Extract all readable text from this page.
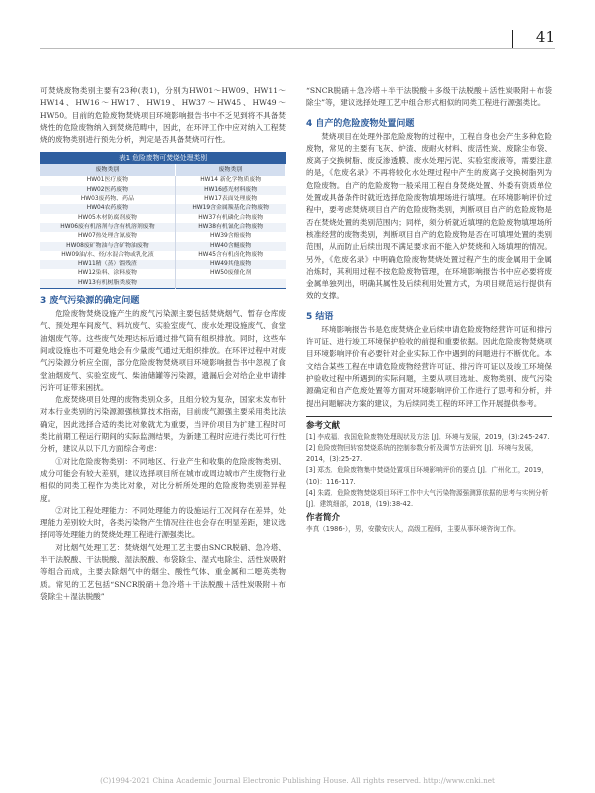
41

可焚烧废物类别主要有23种(表1)，分别为HW01～HW09、HW11～HW14、HW16～HW17、HW19、HW37～HW45、HW49～HW50。目前的危险废物焚烧项目环境影响报告书中不乏见到将不具备焚烧性的危险废物纳入到焚烧范畴中，因此，在环评工作中应对纳入工程焚烧的废物类别进行预先分析，判定是否具备焚烧可行性。

表1 危险废物可焚烧处理类别
废物类别	废物类别
HW01医疗废物	HW14 新化学物质废物
HW02医药废物	HW16感光材料废物
HW03废药物、药品	HW17表面处理废物
HW04农药废物	HW19含金属羰基化合物废物
HW05木材防腐剂废物	HW37有机磷化合物废物
HW06废有机溶剂与含有机溶剂废物	HW38有机氰化合物废物
HW07热处理含氰废物	HW39含酚废物
HW08废矿物油与含矿物油废物	HW40含醚废物
HW09油/水、烃/水混合物或乳化液	HW45含有机卤化物废物
HW11精（蒸）馏残渣	HW49其他废物
HW12染料、涂料废物	HW50废催化剂
HW13有机树脂类废物	
3 废气污染源的确定问题

危险废物焚烧设施产生的废气污染源主要包括焚烧烟气、暂存仓库废气、预处理车间废气、料坑废气、实验室废气、废水处理设施废气、食堂油烟废气等。这些废气处理达标后通过排气筒有组织排放。同时，这些车间或设施也不可避免地会有少量废气通过无组织排放。在环评过程中对废气污染源分析应全面，部分危险废物焚烧项目环境影响报告书中忽视了食堂油烟废气、实验室废气、柴油储罐等污染源，遗漏后会对给企业申请排污许可证带来困扰。

危废焚烧项目处理的废物类别众多，且组分较为复杂，国家未发布针对本行业类别的污染源源强核算技术指南，目前废气源强主要采用类比法确定，因此选择合适的类比对象就尤为重要，当评价项目为扩建工程时可类比前期工程运行期间的实际监测结果，为新建工程时应进行类比可行性分析，建议从以下几方面综合考虑：

①对比危险废物类别：不同地区、行业产生和收集的危险废物类别、成分可能会有较大差别，建议选择项目所在城市或周边城市产生废物行业相似的同类工程作为类比对象，对比分析所处理的危险废物类别差异程度。

②对比工程处理能力：不同处理能力的设施运行工况间存在差异，处理能力差别较大时，各类污染物产生情况往往也会存在明显差距，建议选择同等处理能力的焚烧处理工程进行源强类比。

对比烟气处理工艺：焚烧烟气处理工艺主要由SNCR脱硝、急冷塔、半干法脱酸、干法脱酸、湿法脱酸、布袋除尘、湿式电除尘、活性炭吸附等组合而成，主要去除烟气中的烟尘、酸性气体、重金属和二噁英类物质。常见的工艺包括“SNCR脱硝＋急冷塔＋干法脱酸＋活性炭吸附＋布袋除尘＋湿法脱酸”

“SNCR脱硝＋急冷塔＋半干法脱酸＋多级干法脱酸＋活性炭吸附＋布袋除尘”等，建议选择处理工艺中组合形式相似的同类工程进行源强类比。

4 自产的危险废物处置问题

焚烧项目在处理外部危险废物的过程中，工程自身也会产生多种危险废物，常见的主要有飞灰、炉渣、废耐火材料、废活性炭、废除尘布袋、废离子交换树脂、废反渗透膜、废水处理污泥、实验室废液等，需要注意的是，《危废名录》不再将较化水处理过程中产生的废离子交换树脂列为危险废物。自产的危险废物一般采用工程自身焚烧处置、外委有资质单位处置或具备条件时就近选择危险废物填埋场进行填埋。在环境影响评价过程中，要考虑焚烧项目自产的危险废物类别，判断项目自产的危险废物是否在焚烧处置的类别范围内；同样，须分析就近填埋的危险废物填埋场所核准经营的废物类别，判断项目自产的危险废物是否在可填埋处置的类别范围，从而防止后续出现不满足要求而不能入炉焚烧和入场填埋的情况。另外，《危废名录》中明确危险废物焚烧处置过程产生的废金属用于金属冶炼时，其利用过程不按危险废物管理，在环境影响报告书中应必要将废金属单独列出，明确其属性及后续利用处置方式，为项目规范运行提供有效的支撑。

5 结语

环境影响报告书是危废焚烧企业后续申请危险废物经营许可证和排污许可证、进行竣工环境保护验收的前提和重要依据。因此危险废物焚烧项目环境影响评价有必要针对企业实际工作中遇到的问题进行不断优化。本文结合某些工程在申请危险废物经营许可证、排污许可证以及竣工环境保护验收过程中所遇到的实际问题，主要从项目选址、废物类别、废气污染源确定和自产危废处置等方面对环境影响评价工作进行了思考和分析，并提出问题解决方案的建议，为后续同类工程的环评工作开展提供参考。

参考文献
[1] 李成福．我国危险废物处理现状及方法 [J]．环境与发展，2019，(3):245-247.
[2] 危险废物回转窑焚烧系统的控制参数分析及调节方法研究 [J]．环境与发展，2014，(3):25-27.
[3] 郑杰．危险废物集中焚烧处置项目环境影响评价的要点 [J]．广州化工，2019，(10)：116-117.
[4] 朱霞．危险废物焚烧项目环评工作中大气污染物源强测算依据的思考与实例分析 [J]．建筑细部，2018，(19):38-42.
作者简介
李真（1986-），男，安徽安庆人，高级工程师，主要从事环境咨询工作。
(C)1994-2021 China Academic Journal Electronic Publishing House. All rights reserved. http://www.cnki.net
